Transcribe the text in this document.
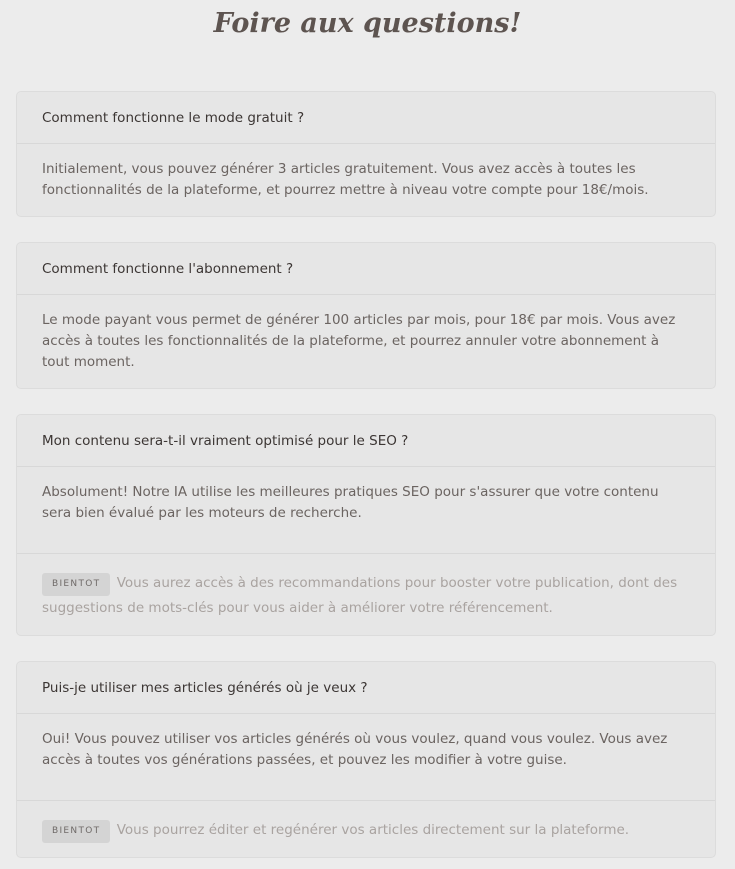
Foire aux questions!
Comment fonctionne le mode gratuit ?
Initialement, vous pouvez générer 3 articles gratuitement. Vous avez accès à toutes les fonctionnalités de la plateforme, et pourrez mettre à niveau votre compte pour 18€/mois.
Comment fonctionne l'abonnement ?
Le mode payant vous permet de générer 100 articles par mois, pour 18€ par mois. Vous avez accès à toutes les fonctionnalités de la plateforme, et pourrez annuler votre abonnement à tout moment.
Mon contenu sera-t-il vraiment optimisé pour le SEO ?
Absolument! Notre IA utilise les meilleures pratiques SEO pour s'assurer que votre contenu sera bien évalué par les moteurs de recherche.
BIENTOT Vous aurez accès à des recommandations pour booster votre publication, dont des suggestions de mots-clés pour vous aider à améliorer votre référencement.
Puis-je utiliser mes articles générés où je veux ?
Oui! Vous pouvez utiliser vos articles générés où vous voulez, quand vous voulez. Vous avez accès à toutes vos générations passées, et pouvez les modifier à votre guise.
BIENTOT Vous pourrez éditer et regénérer vos articles directement sur la plateforme.
